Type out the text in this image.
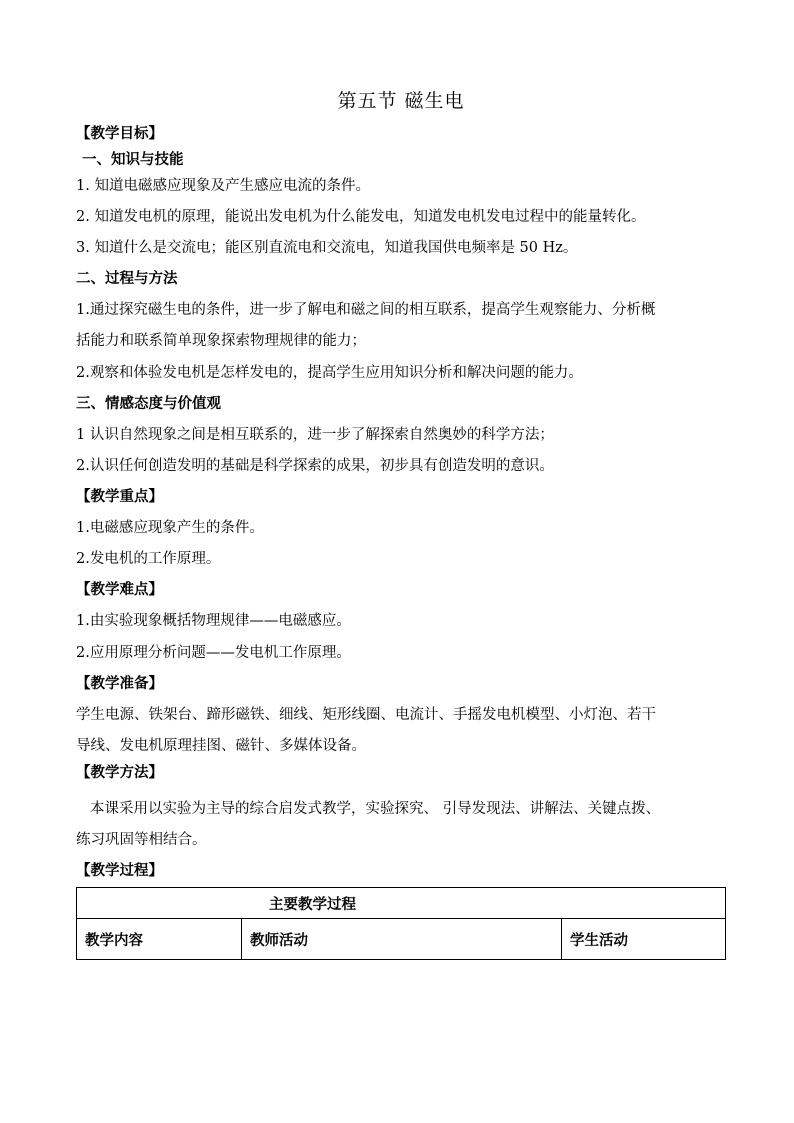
第五节 磁生电
【教学目标】
一、知识与技能
1. 知道电磁感应现象及产生感应电流的条件。
2. 知道发电机的原理，能说出发电机为什么能发电，知道发电机发电过程中的能量转化。
3. 知道什么是交流电；能区别直流电和交流电，知道我国供电频率是 50 Hz。
二、过程与方法
1.通过探究磁生电的条件，进一步了解电和磁之间的相互联系，提高学生观察能力、分析概
括能力和联系简单现象探索物理规律的能力；
2.观察和体验发电机是怎样发电的，提高学生应用知识分析和解决问题的能力。
三、情感态度与价值观
1 认识自然现象之间是相互联系的，进一步了解探索自然奥妙的科学方法；
2.认识任何创造发明的基础是科学探索的成果，初步具有创造发明的意识。
【教学重点】
1.电磁感应现象产生的条件。
2.发电机的工作原理。
【教学难点】
1.由实验现象概括物理规律——电磁感应。
2.应用原理分析问题——发电机工作原理。
【教学准备】
学生电源、铁架台、蹄形磁铁、细线、矩形线圈、电流计、手摇发电机模型、小灯泡、若干
导线、发电机原理挂图、磁针、多媒体设备。
【教学方法】
本课采用以实验为主导的综合启发式教学，实验探究、 引导发现法、讲解法、关键点拨、
练习巩固等相结合。
【教学过程】
主要教学过程
教学内容	教师活动	学生活动
